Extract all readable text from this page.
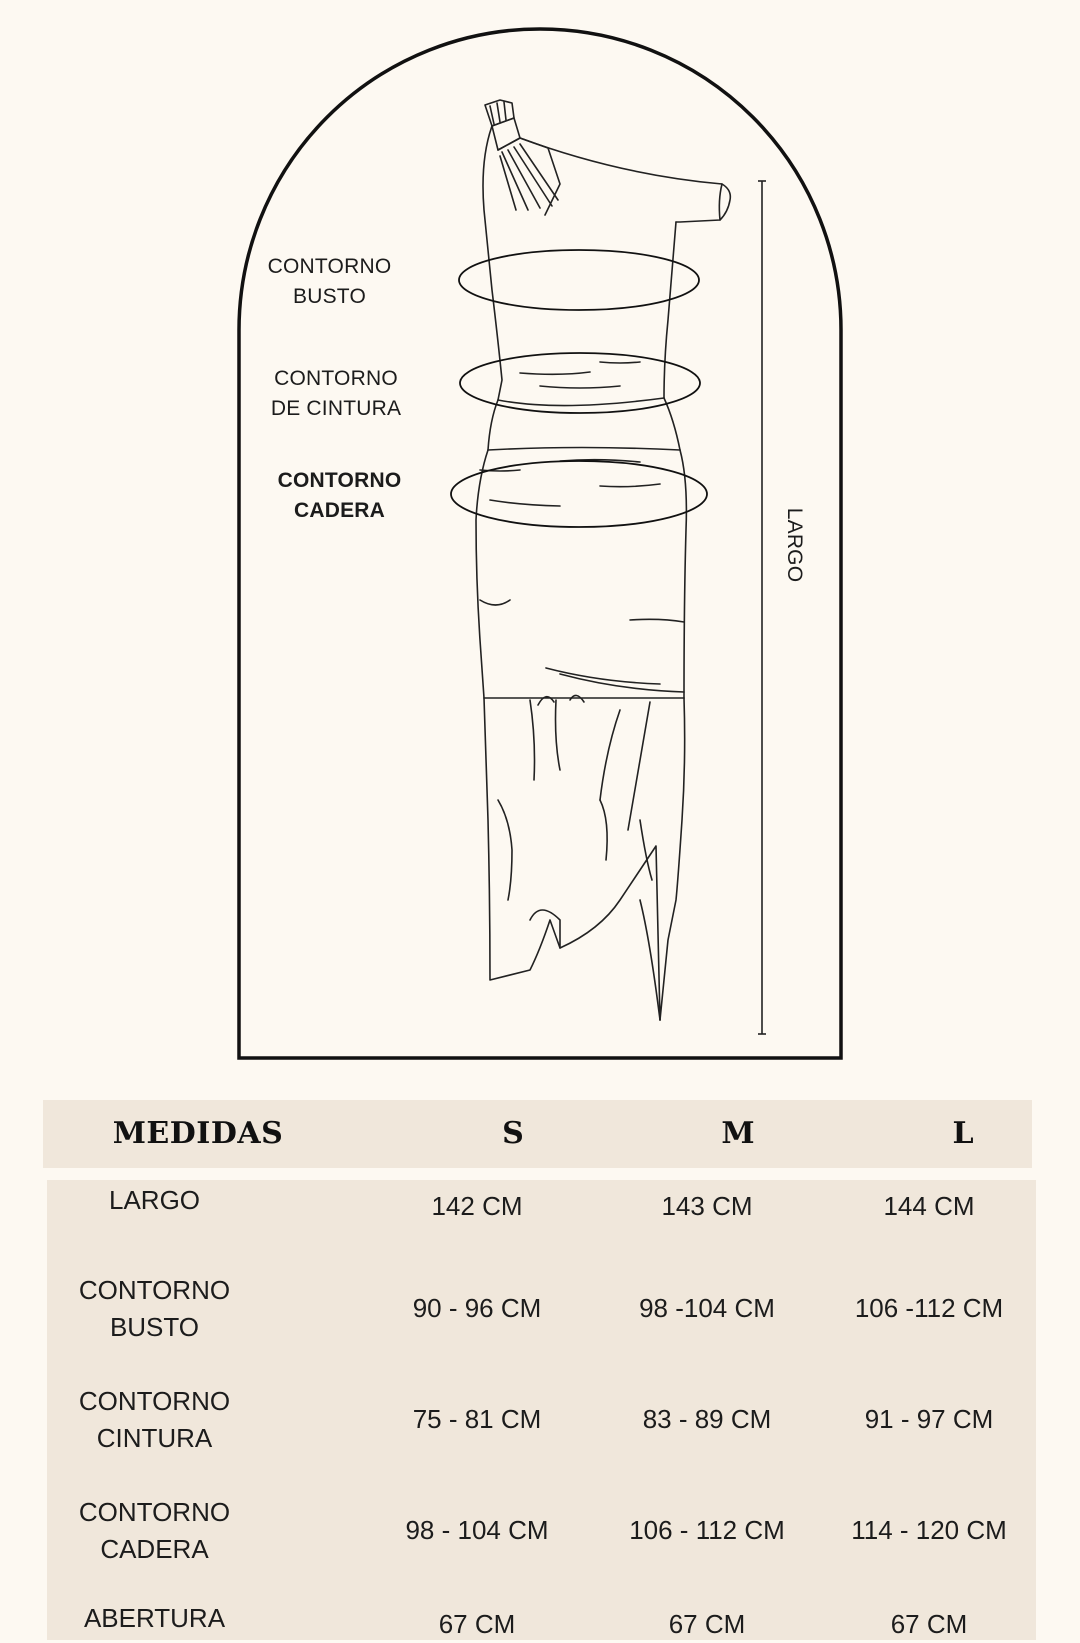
CONTORNO
BUSTO
CONTORNO
DE CINTURA
CONTORNO
CADERA	LARGO
MEDIDAS	S	M	L
LARGO	142 CM	143 CM	144 CM
CONTORNO
BUSTO
90 - 96 CM	98 -104 CM	106 -112 CM
CONTORNO
CINTURA
75 - 81 CM	83 - 89 CM	91 - 97 CM
CONTORNO
CADERA
98 - 104 CM	106 - 112 CM	114 - 120 CM
ABERTURA	67 CM	67 CM	67 CM
